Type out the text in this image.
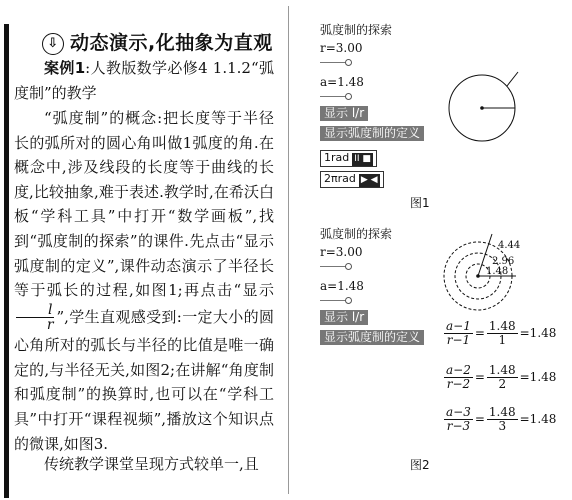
⇩ 动态演示,化抽象为直观
案例1:人教版数学必修4 1.1.2“弧度制”的教学
“弧度制”的概念:把长度等于半径长的弧所对的圆心角叫做1弧度的角.在概念中,涉及线段的长度等于曲线的长度,比较抽象,难于表述.教学时,在希沃白板“学科工具”中打开“数学画板”,找到“弧度制的探索”的课件.先点击“显示弧度制的定义”,课件动态演示了半径长等于弧长的过程,如图1;再点击“显示
$\frac{l}{r}$ ”,学生直观感受到:一定大小的圆心角所对的弧长与半径的比值是唯一确定的,与半径无关,如图2;在讲解“角度制和弧度制”的换算时,也可以在“学科工具”中打开“课程视频”,播放这个知识点的微课,如图3.
传统教学课堂呈现方式较单一,且
弧度制的探索
r=3.00
a=1.48
显示 l/r
显示弧度制的定义
1rad II ■
2πrad ▶ ◀
图1
弧度制的探索
r=3.00
a=1.48
显示 l/r
显示弧度制的定义
4.44
2.96
1.48
$\frac{a-1}{r-1} = \frac{1.48}{1} =1.48$
$\frac{a-2}{r-2} = \frac{1.48}{2} =1.48$
$\frac{a-3}{r-3} = \frac{1.48}{3} =1.48$
图2
